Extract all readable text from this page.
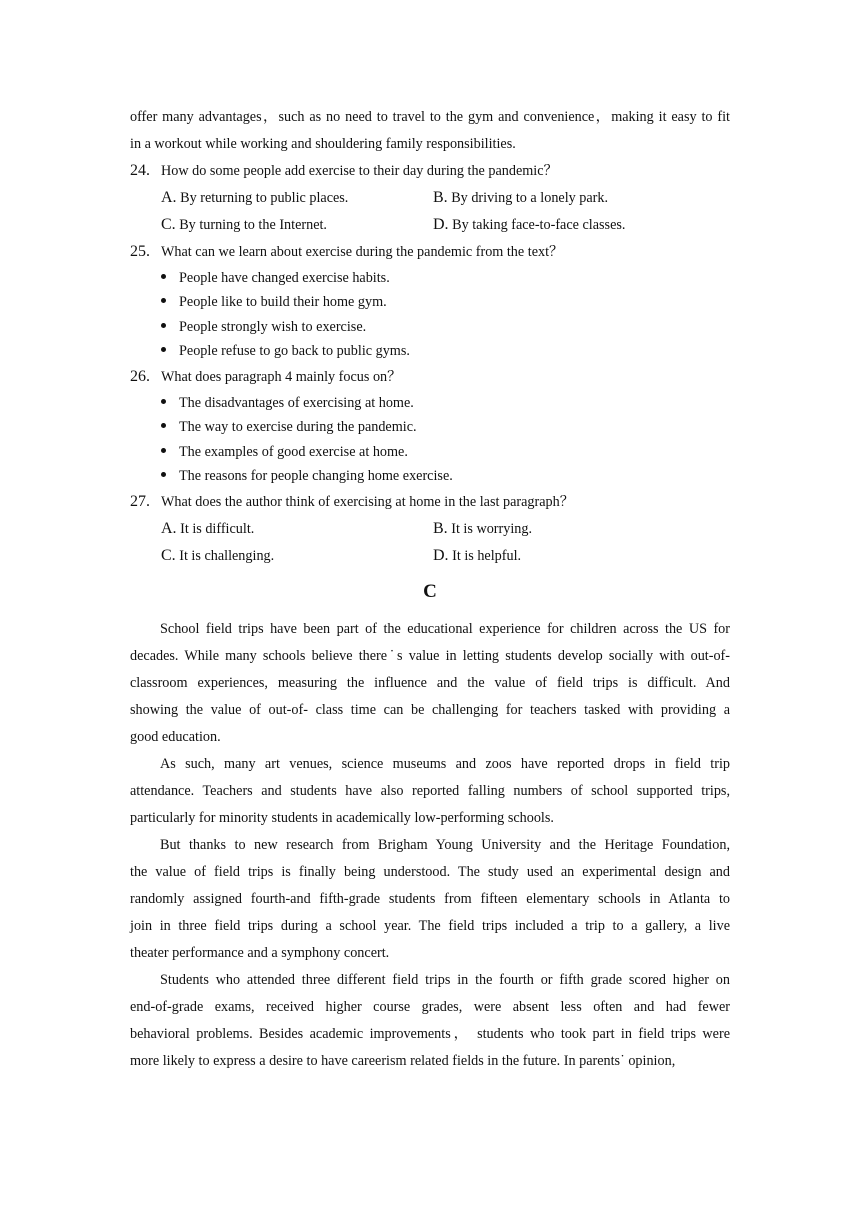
offer many advantages，such as no need to travel to the gym and convenience，making it easy to fit
in a workout while working and shouldering family responsibilities.
24. How do some people add exercise to their day during the pandemic？
A. By returning to public places.	B. By driving to a lonely park.
C. By turning to the Internet.	D. By taking face-to-face classes.
25. What can we learn about exercise during the pandemic from the text？
People have changed exercise habits.
People like to build their home gym.
People strongly wish to exercise.
People refuse to go back to public gyms.
26. What does paragraph 4 mainly focus on？
The disadvantages of exercising at home.
The way to exercise during the pandemic.
The examples of good exercise at home.
The reasons for people changing home exercise.
27. What does the author think of exercising at home in the last paragraph？
A. It is difficult.	B. It is worrying.
C. It is challenging.	D. It is helpful.
C
School field trips have been part of the educational experience for children across the US for
decades. While many schools believe there˙s value in letting students develop socially with out-of-
classroom experiences, measuring the influence and the value of field trips is difficult. And
showing the value of out-of- class time can be challenging for teachers tasked with providing a
good education.
As such, many art venues, science museums and zoos have reported drops in field trip
attendance. Teachers and students have also reported falling numbers of school supported trips,
particularly for minority students in academically low-performing schools.
But thanks to new research from Brigham Young University and the Heritage Foundation,
the value of field trips is finally being understood. The study used an experimental design and
randomly assigned fourth-and fifth-grade students from fifteen elementary schools in Atlanta to
join in three field trips during a school year. The field trips included a trip to a gallery, a live
theater performance and a symphony concert.
Students who attended three different field trips in the fourth or fifth grade scored higher on
end-of-grade exams, received higher course grades, were absent less often and had fewer
behavioral problems. Besides academic improvements， students who took part in field trips were
more likely to express a desire to have careerism related fields in the future. In parents˙ opinion,
